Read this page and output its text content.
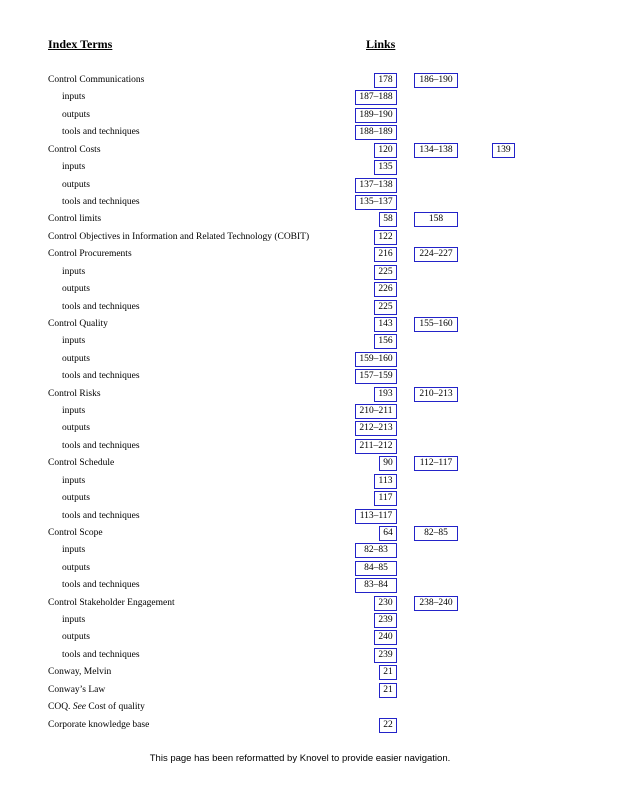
Index Terms	Links
Control Communications	178	186–190
inputs	187–188
outputs	189–190
tools and techniques	188–189
Control Costs	120	134–138	139
inputs	135
outputs	137–138
tools and techniques	135–137
Control limits	58	158
Control Objectives in Information and Related Technology (COBIT)	122
Control Procurements	216	224–227
inputs	225
outputs	226
tools and techniques	225
Control Quality	143	155–160
inputs	156
outputs	159–160
tools and techniques	157–159
Control Risks	193	210–213
inputs	210–211
outputs	212–213
tools and techniques	211–212
Control Schedule	90	112–117
inputs	113
outputs	117
tools and techniques	113–117
Control Scope	64	82–85
inputs	82–83
outputs	84–85
tools and techniques	83–84
Control Stakeholder Engagement	230	238–240
inputs	239
outputs	240
tools and techniques	239
Conway, Melvin	21
Conway’s Law	21
COQ. See Cost of quality
Corporate knowledge base	22
This page has been reformatted by Knovel to provide easier navigation.
